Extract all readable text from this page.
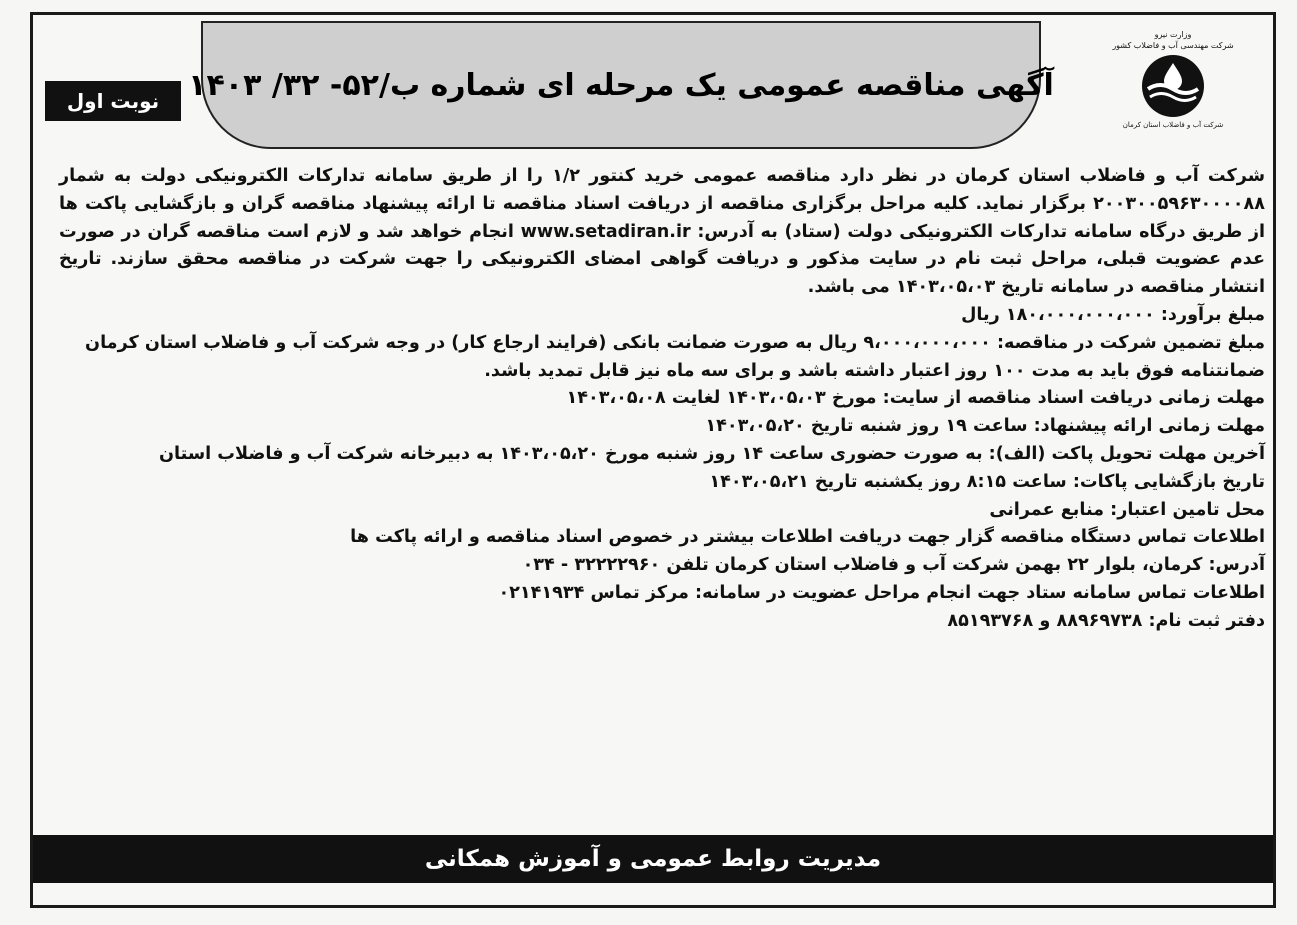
نوبت اول آگهی مناقصه عمومی یک مرحله ای شماره ب/۵۲- ۳۲/ ۱۴۰۳
وزارت نیرو
شرکت مهندسی آب و فاضلاب کشور
شرکت آب و فاضلاب استان کرمان

شرکت آب و فاضلاب استان کرمان در نظر دارد مناقصه عمومی خرید کنتور ۱/۲ را از طریق سامانه تدارکات الکترونیکی دولت به شمار ۲۰۰۳۰۰۵۹۶۳۰۰۰۰۸۸ برگزار نماید. کلیه مراحل برگزاری مناقصه از دریافت اسناد مناقصه تا ارائه پیشنهاد مناقصه گران و بازگشایی پاکت ها از طریق درگاه سامانه تدارکات الکترونیکی دولت (ستاد) به آدرس: www.setadiran.ir انجام خواهد شد و لازم است مناقصه گران در صورت عدم عضویت قبلی، مراحل ثبت نام در سایت مذکور و دریافت گواهی امضای الکترونیکی را جهت شرکت در مناقصه محقق سازند. تاریخ انتشار مناقصه در سامانه تاریخ ۱۴۰۳،۰۵،۰۳ می باشد.

مبلغ برآورد: ۱۸۰،۰۰۰،۰۰۰،۰۰۰ ریال

مبلغ تضمین شرکت در مناقصه: ۹،۰۰۰،۰۰۰،۰۰۰ ریال به صورت ضمانت بانکی (فرایند ارجاع کار) در وجه شرکت آب و فاضلاب استان کرمان

ضمانتنامه فوق باید به مدت ۱۰۰ روز اعتبار داشته باشد و برای سه ماه نیز قابل تمدید باشد.

مهلت زمانی دریافت اسناد مناقصه از سایت: مورخ ۱۴۰۳،۰۵،۰۳ لغایت ۱۴۰۳،۰۵،۰۸

مهلت زمانی ارائه پیشنهاد: ساعت ۱۹ روز شنبه تاریخ ۱۴۰۳،۰۵،۲۰

آخرین مهلت تحویل پاکت (الف): به صورت حضوری ساعت ۱۴ روز شنبه مورخ ۱۴۰۳،۰۵،۲۰ به دبیرخانه شرکت آب و فاضلاب استان

تاریخ بازگشایی پاکات: ساعت ۸:۱۵ روز یکشنبه تاریخ ۱۴۰۳،۰۵،۲۱

محل تامین اعتبار: منابع عمرانی

اطلاعات تماس دستگاه مناقصه گزار جهت دریافت اطلاعات بیشتر در خصوص اسناد مناقصه و ارائه پاکت ها

آدرس: کرمان، بلوار ۲۲ بهمن شرکت آب و فاضلاب استان کرمان تلفن ۳۲۲۲۲۹۶۰ - ۰۳۴

اطلاعات تماس سامانه ستاد جهت انجام مراحل عضویت در سامانه: مرکز تماس ۰۲۱۴۱۹۳۴

دفتر ثبت نام: ۸۸۹۶۹۷۳۸ و ۸۵۱۹۳۷۶۸

مدیریت روابط عمومی و آموزش همکانی
